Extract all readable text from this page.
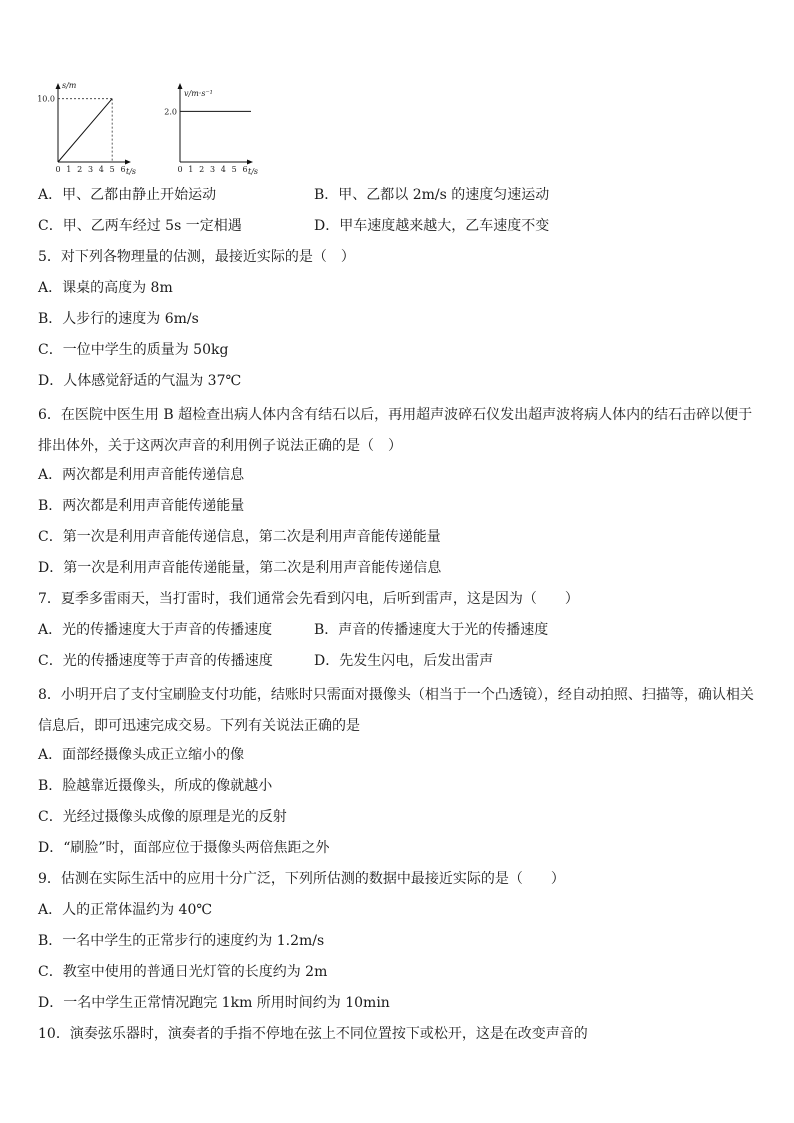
10.0
0 1 2 3 4 5 6
s/m
t/s
2.0
0 1 2 3 4 5 6
v/m·s⁻¹
t/s
A．甲、乙都由静止开始运动	B．甲、乙都以 2m/s 的速度匀速运动
C．甲、乙两车经过 5s 一定相遇	D．甲车速度越来越大，乙车速度不变
5．对下列各物理量的估测，最接近实际的是（　）
A．课桌的高度为 8m
B．人步行的速度为 6m/s
C．一位中学生的质量为 50kg
D．人体感觉舒适的气温为 37℃
6．在医院中医生用 B 超检查出病人体内含有结石以后，再用超声波碎石仪发出超声波将病人体内的结石击碎以便于排出体外，关于这两次声音的利用例子说法正确的是（　）
A．两次都是利用声音能传递信息
B．两次都是利用声音能传递能量
C．第一次是利用声音能传递信息，第二次是利用声音能传递能量
D．第一次是利用声音能传递能量，第二次是利用声音能传递信息
7．夏季多雷雨天，当打雷时，我们通常会先看到闪电，后听到雷声，这是因为（　　）
A．光的传播速度大于声音的传播速度	B．声音的传播速度大于光的传播速度
C．光的传播速度等于声音的传播速度	D．先发生闪电，后发出雷声
8．小明开启了支付宝刷脸支付功能，结账时只需面对摄像头（相当于一个凸透镜），经自动拍照、扫描等，确认相关信息后，即可迅速完成交易。下列有关说法正确的是
A．面部经摄像头成正立缩小的像
B．脸越靠近摄像头，所成的像就越小
C．光经过摄像头成像的原理是光的反射
D．“刷脸”时，面部应位于摄像头两倍焦距之外
9．估测在实际生活中的应用十分广泛，下列所估测的数据中最接近实际的是（　　）
A．人的正常体温约为 40℃
B．一名中学生的正常步行的速度约为 1.2m/s
C．教室中使用的普通日光灯管的长度约为 2m
D．一名中学生正常情况跑完 1km 所用时间约为 10min
10．演奏弦乐器时，演奏者的手指不停地在弦上不同位置按下或松开，这是在改变声音的
